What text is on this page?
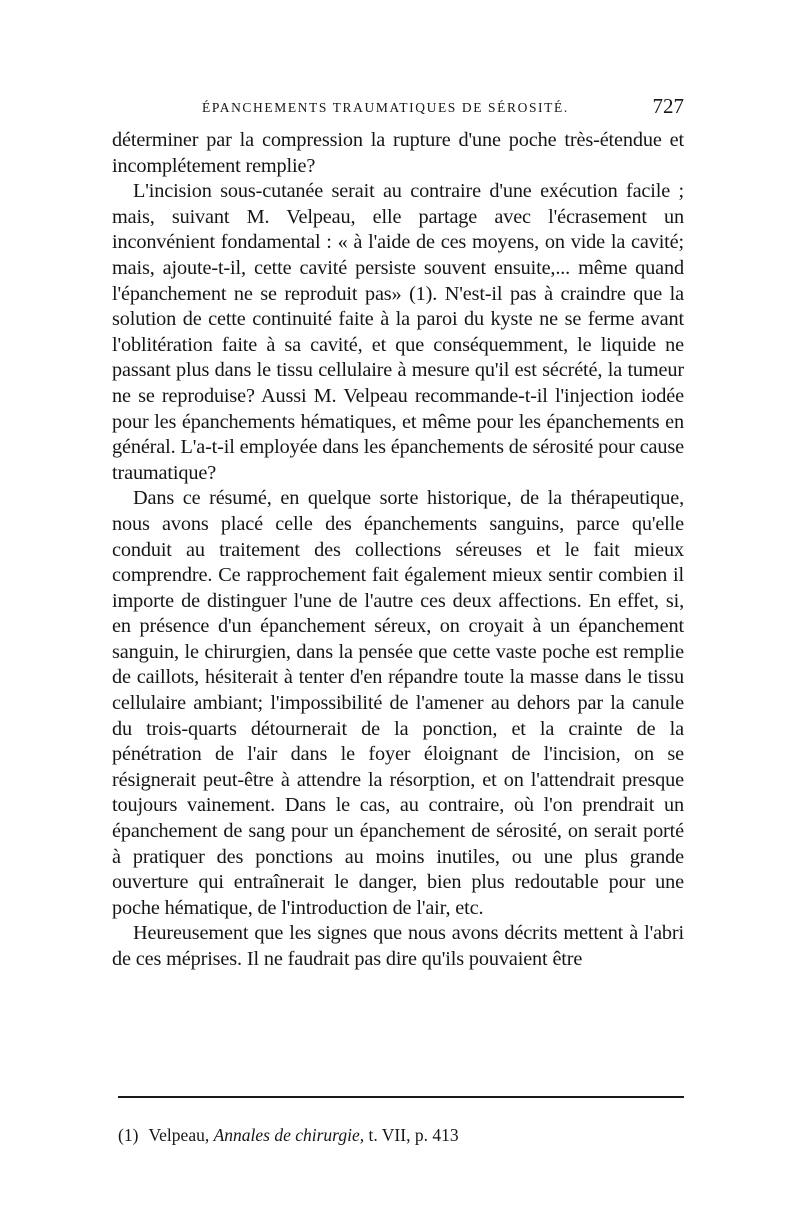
ÉPANCHEMENTS TRAUMATIQUES DE SÉROSITÉ.	727

déterminer par la compression la rupture d'une poche très-étendue et incomplétement remplie?

L'incision sous-cutanée serait au contraire d'une exécution facile ; mais, suivant M. Velpeau, elle partage avec l'écrasement un inconvénient fondamental : « à l'aide de ces moyens, on vide la cavité; mais, ajoute-t-il, cette cavité persiste souvent ensuite,... même quand l'épanchement ne se reproduit pas» (1). N'est-il pas à craindre que la solution de cette continuité faite à la paroi du kyste ne se ferme avant l'oblitération faite à sa cavité, et que conséquemment, le liquide ne passant plus dans le tissu cellulaire à mesure qu'il est sécrété, la tumeur ne se reproduise? Aussi M. Velpeau recommande-t-il l'injection iodée pour les épanchements hématiques, et même pour les épanchements en général. L'a-t-il employée dans les épanchements de sérosité pour cause traumatique?

Dans ce résumé, en quelque sorte historique, de la thérapeutique, nous avons placé celle des épanchements sanguins, parce qu'elle conduit au traitement des collections séreuses et le fait mieux comprendre. Ce rapprochement fait également mieux sentir combien il importe de distinguer l'une de l'autre ces deux affections. En effet, si, en présence d'un épanchement séreux, on croyait à un épanchement sanguin, le chirurgien, dans la pensée que cette vaste poche est remplie de caillots, hésiterait à tenter d'en répandre toute la masse dans le tissu cellulaire ambiant; l'impossibilité de l'amener au dehors par la canule du trois-quarts détournerait de la ponction, et la crainte de la pénétration de l'air dans le foyer éloignant de l'incision, on se résignerait peut-être à attendre la résorption, et on l'attendrait presque toujours vainement. Dans le cas, au contraire, où l'on prendrait un épanchement de sang pour un épanchement de sérosité, on serait porté à pratiquer des ponctions au moins inutiles, ou une plus grande ouverture qui entraînerait le danger, bien plus redoutable pour une poche hématique, de l'introduction de l'air, etc.

Heureusement que les signes que nous avons décrits mettent à l'abri de ces méprises. Il ne faudrait pas dire qu'ils pouvaient être

(1) Velpeau, Annales de chirurgie, t. VII, p. 413
